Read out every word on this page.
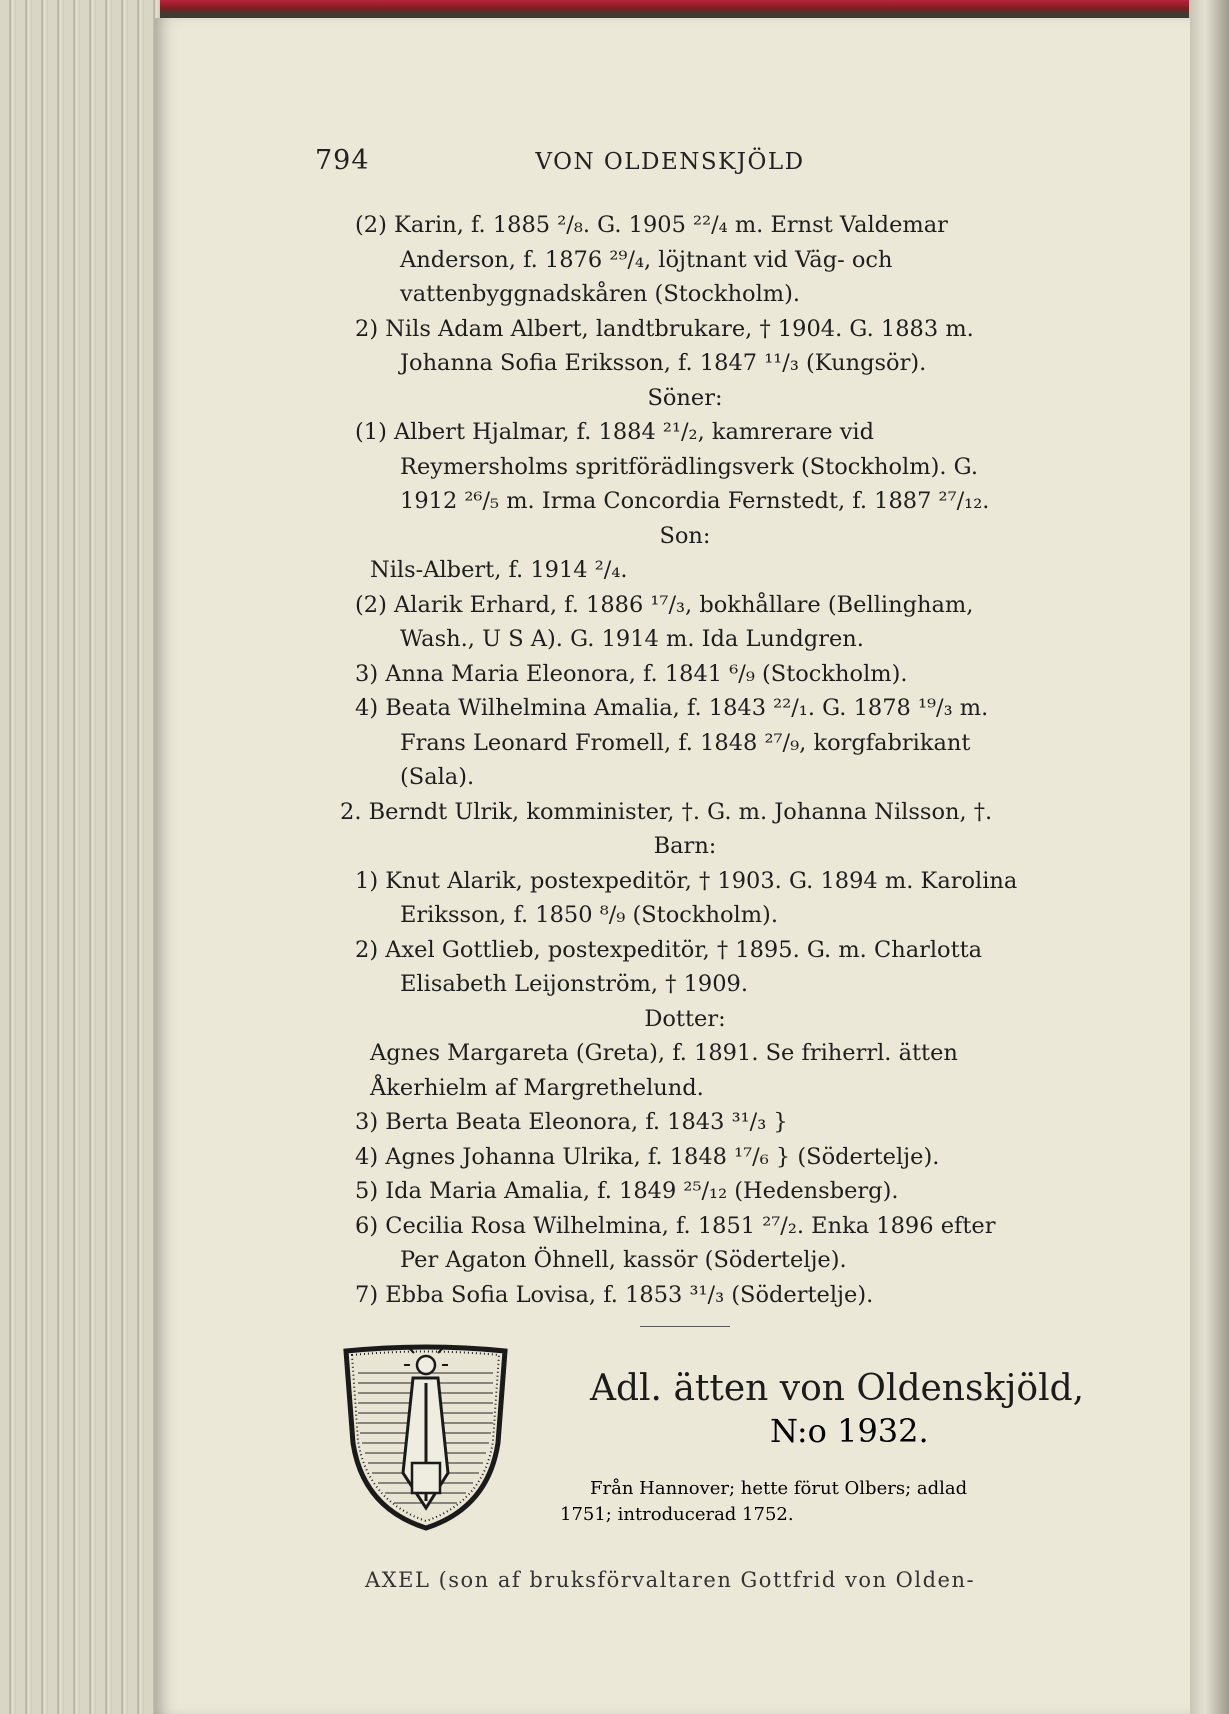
794	VON OLDENSKJÖLD

(2) Karin, f. 1885 ²/₈. G. 1905 ²²/₄ m. Ernst Valdemar Anderson, f. 1876 ²⁹/₄, löjtnant vid Väg- och vattenbyggnadskåren (Stockholm).

2) Nils Adam Albert, landtbrukare, † 1904. G. 1883 m. Johanna Sofia Eriksson, f. 1847 ¹¹/₃ (Kungsör).

Söner:

(1) Albert Hjalmar, f. 1884 ²¹/₂, kamrerare vid Reymersholms spritförädlingsverk (Stockholm). G. 1912 ²⁶/₅ m. Irma Concordia Fernstedt, f. 1887 ²⁷/₁₂.

Son:

Nils-Albert, f. 1914 ²/₄.

(2) Alarik Erhard, f. 1886 ¹⁷/₃, bokhållare (Bellingham, Wash., U S A). G. 1914 m. Ida Lundgren.

3) Anna Maria Eleonora, f. 1841 ⁶/₉ (Stockholm).

4) Beata Wilhelmina Amalia, f. 1843 ²²/₁. G. 1878 ¹⁹/₃ m. Frans Leonard Fromell, f. 1848 ²⁷/₉, korgfabrikant (Sala).

2. Berndt Ulrik, komminister, †. G. m. Johanna Nilsson, †.

Barn:

1) Knut Alarik, postexpeditör, † 1903. G. 1894 m. Karolina Eriksson, f. 1850 ⁸/₉ (Stockholm).

2) Axel Gottlieb, postexpeditör, † 1895. G. m. Charlotta Elisabeth Leijonström, † 1909.

Dotter:

Agnes Margareta (Greta), f. 1891. Se friherrl. ätten Åkerhielm af Margrethelund.

3) Berta Beata Eleonora, f. 1843 ³¹/₃ }

4) Agnes Johanna Ulrika, f. 1848 ¹⁷/₆ } (Södertelje).

5) Ida Maria Amalia, f. 1849 ²⁵/₁₂ (Hedensberg).

6) Cecilia Rosa Wilhelmina, f. 1851 ²⁷/₂. Enka 1896 efter Per Agaton Öhnell, kassör (Södertelje).

7) Ebba Sofia Lovisa, f. 1853 ³¹/₃ (Södertelje).

Adl. ätten von Oldenskjöld,
N:o 1932.
Från Hannover; hette förut Olbers; adlad
1751; introducerad 1752.
AXEL (son af bruksförvaltaren Gottfrid von Olden-
